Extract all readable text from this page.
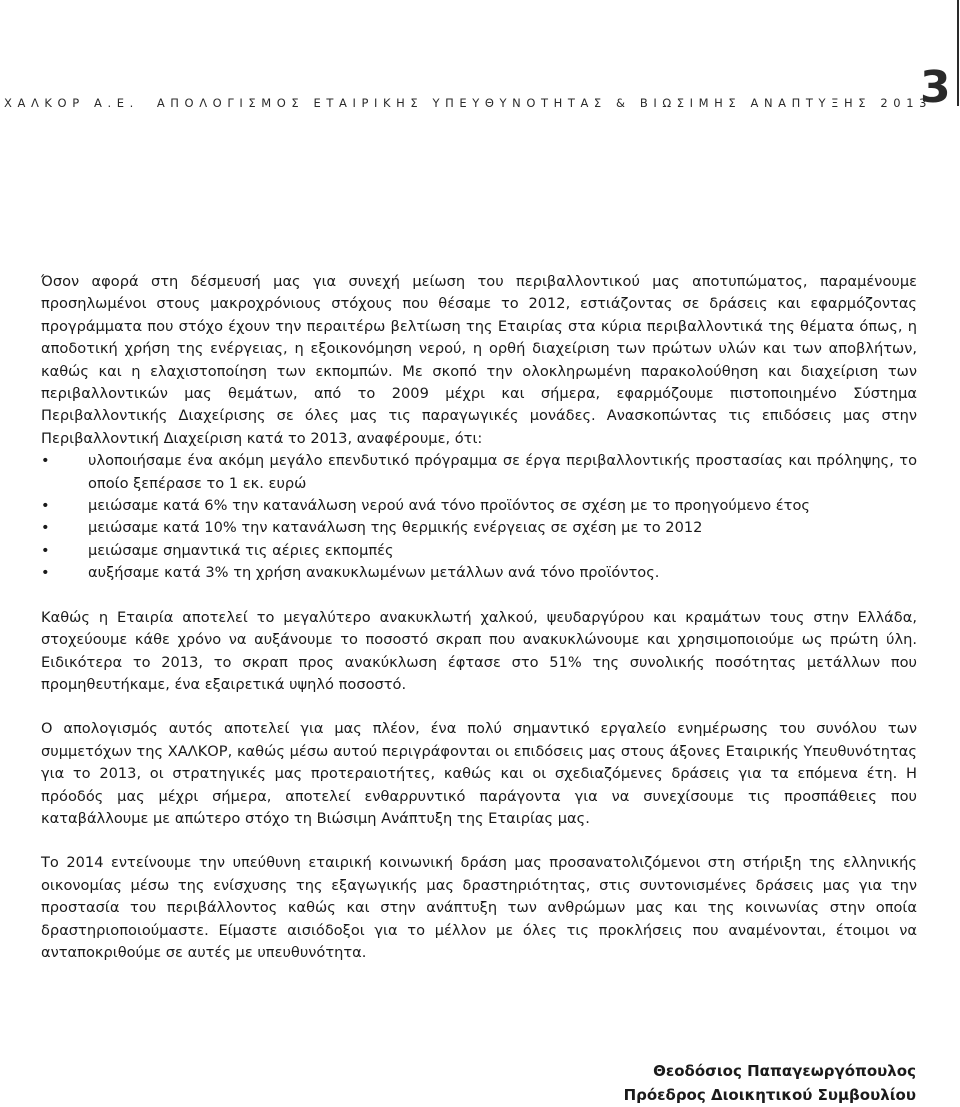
ΧΑΛΚΟΡ Α.Ε. ΑΠΟΛΟΓΙΣΜΟΣ ΕΤΑΙΡΙΚΗΣ ΥΠΕΥΘΥΝΟΤΗΤΑΣ & ΒΙΩΣΙΜΗΣ ΑΝΑΠΤΥΞΗΣ 2013
3

Όσον αφορά στη δέσμευσή μας για συνεχή μείωση του περιβαλλοντικού μας αποτυπώματος, παραμένουμε προσηλωμένοι στους μακροχρόνιους στόχους που θέσαμε το 2012, εστιάζοντας σε δράσεις και εφαρμόζοντας προγράμματα που στόχο έχουν την περαιτέρω βελτίωση της Εταιρίας στα κύρια περιβαλλοντικά της θέματα όπως, η αποδοτική χρήση της ενέργειας, η εξοικονόμηση νερού, η ορθή διαχείριση των πρώτων υλών και των αποβλήτων, καθώς και η ελαχιστοποίηση των εκπομπών. Με σκοπό την ολοκληρωμένη παρακολούθηση και διαχείριση των περιβαλλοντικών μας θεμάτων, από το 2009 μέχρι και σήμερα, εφαρμόζουμε πιστοποιημένο Σύστημα Περιβαλλοντικής Διαχείρισης σε όλες μας τις παραγωγικές μονάδες. Ανασκοπώντας τις επιδόσεις μας στην Περιβαλλοντική Διαχείριση κατά το 2013, αναφέρουμε, ότι:

•	υλοποιήσαμε ένα ακόμη μεγάλο επενδυτικό πρόγραμμα σε έργα περιβαλλοντικής προστασίας και πρόληψης, το οποίο ξεπέρασε το 1 εκ. ευρώ
•	μειώσαμε κατά 6% την κατανάλωση νερού ανά τόνο προϊόντος σε σχέση με το προηγούμενο έτος
•	μειώσαμε κατά 10% την κατανάλωση της θερμικής ενέργειας σε σχέση με το 2012
•	μειώσαμε σημαντικά τις αέριες εκπομπές
•	αυξήσαμε κατά 3% τη χρήση ανακυκλωμένων μετάλλων ανά τόνο προϊόντος.

Καθώς η Εταιρία αποτελεί το μεγαλύτερο ανακυκλωτή χαλκού, ψευδαργύρου και κραμάτων τους στην Ελλάδα, στοχεύουμε κάθε χρόνο να αυξάνουμε το ποσοστό σκραπ που ανακυκλώνουμε και χρησιμοποιούμε ως πρώτη ύλη. Ειδικότερα το 2013, το σκραπ προς ανακύκλωση έφτασε στο 51% της συνολικής ποσότητας μετάλλων που προμηθευτήκαμε, ένα εξαιρετικά υψηλό ποσοστό.

Ο απολογισμός αυτός αποτελεί για μας πλέον, ένα πολύ σημαντικό εργαλείο ενημέρωσης του συνόλου των συμμετόχων της ΧΑΛΚΟΡ, καθώς μέσω αυτού περιγράφονται οι επιδόσεις μας στους άξονες Εταιρικής Υπευθυνότητας για το 2013, οι στρατηγικές μας προτεραιοτήτες, καθώς και οι σχεδιαζόμενες δράσεις για τα επόμενα έτη. Η πρόοδός μας μέχρι σήμερα, αποτελεί ενθαρρυντικό παράγοντα για να συνεχίσουμε τις προσπάθειες που καταβάλλουμε με απώτερο στόχο τη Βιώσιμη Ανάπτυξη της Εταιρίας μας.

Το 2014 εντείνουμε την υπεύθυνη εταιρική κοινωνική δράση μας προσανατολιζόμενοι στη στήριξη της ελληνικής οικονομίας μέσω της ενίσχυσης της εξαγωγικής μας δραστηριότητας, στις συντονισμένες δράσεις μας για την προστασία του περιβάλλοντος καθώς και στην ανάπτυξη των ανθρώμων μας και της κοινωνίας στην οποία δραστηριοποιούμαστε. Είμαστε αισιόδοξοι για το μέλλον με όλες τις προκλήσεις που αναμένονται, έτοιμοι να ανταποκριθούμε σε αυτές με υπευθυνότητα.

Θεοδόσιος Παπαγεωργόπουλος
Πρόεδρος Διοικητικού Συμβουλίου
